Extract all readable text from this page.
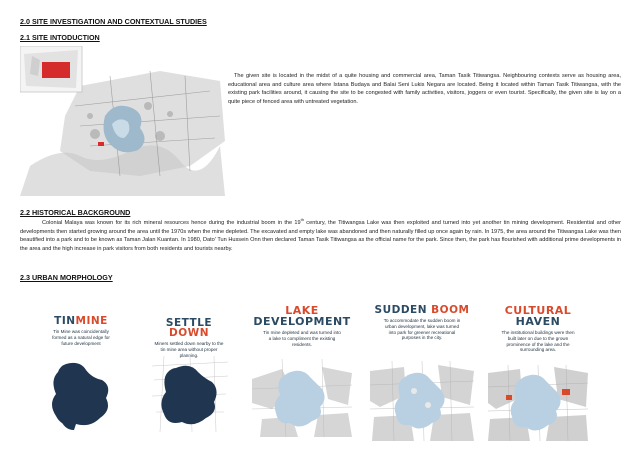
2.0 SITE INVESTIGATION AND CONTEXTUAL STUDIES
2.1 SITE INTODUCTION
The given site is located in the midst of a quite housing and commercial area, Taman Tasik Titiwangsa. Neighbouring contexts serve as housing area, educational area and culture area where Istana Budaya and Balai Seni Lukis Negara are located. Being it located within Taman Tasik Titiwangsa, with the existing park facilities around, it causing the site to be congested with family activities, visitors, joggers or even tourist. Specifically, the given site is lay on a quite piece of fenced area with untreated vegetation.
2.2 HISTORICAL BACKGROUND
Colonial Malaya was known for its rich mineral resources hence during the industrial boom in the 19th century, the Titiwangsa Lake was then exploited and turned into yet another tin mining development. Residential and other developments then started growing around the area until the 1970s when the mine depleted. The excavated and empty lake was abandoned and then naturally filled up once again by rain. In 1975, the area around the Titiwangsa Lake was then beautified into a park and to be known as Taman Jalan Kuantan. In 1980, Dato' Tun Hussein Onn then declared Taman Tasik Titiwangsa as the official name for the park. Since then, the park has flourished with additional prime developments in the area and the high increase in park visitors from both residents and tourists nearby.
2.3 URBAN MORPHOLOGY
TINMINE
Tin Mine was coincidentally formed as a natural edge for future development
SETTLE DOWN
Miners settled down nearby to the tin mine area without proper planning.
LAKE
DEVELOPMENT
Tin mine depleted and was turned into a lake to compliment the existing residents.
SUDDEN BOOM
To accommodate the sudden boom in urban development, lake was turned into park for greener recreational purposes in the city.
CULTURAL
HAVEN
The institutional buildings were then built later on due to the grown prominence of the lake and the surrounding area.
